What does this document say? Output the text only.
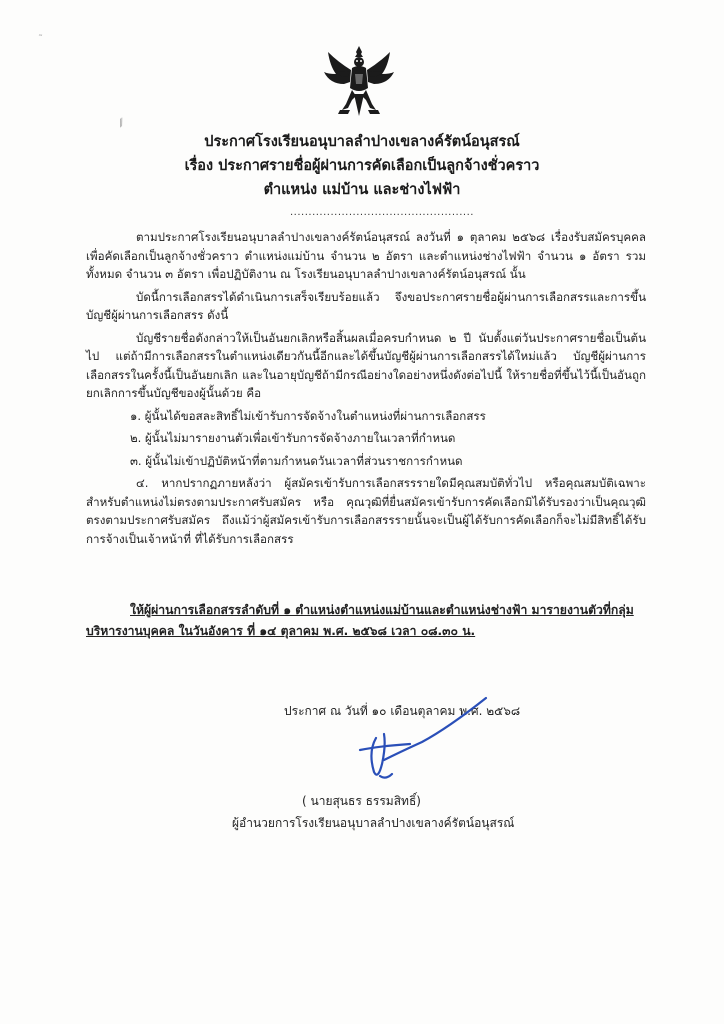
˜
⁄⁄
ประกาศโรงเรียนอนุบาลลำปางเขลางค์รัตน์อนุสรณ์
เรื่อง ประกาศรายชื่อผู้ผ่านการคัดเลือกเป็นลูกจ้างชั่วคราว
ตำแหน่ง แม่บ้าน และช่างไฟฟ้า
..................................................

ตามประกาศโรงเรียนอนุบาลลำปางเขลางค์รัตน์อนุสรณ์ ลงวันที่ ๑ ตุลาคม ๒๕๖๘ เรื่องรับสมัครบุคคลเพื่อคัดเลือกเป็นลูกจ้างชั่วคราว ตำแหน่งแม่บ้าน จำนวน ๒ อัตรา และตำแหน่งช่างไฟฟ้า จำนวน ๑ อัตรา รวมทั้งหมด จำนวน ๓ อัตรา เพื่อปฏิบัติงาน ณ โรงเรียนอนุบาลลำปางเขลางค์รัตน์อนุสรณ์ นั้น

บัดนี้การเลือกสรรได้ดำเนินการเสร็จเรียบร้อยแล้ว จึงขอประกาศรายชื่อผู้ผ่านการเลือกสรรและการขึ้นบัญชีผู้ผ่านการเลือกสรร ดังนี้

บัญชีรายชื่อดังกล่าวให้เป็นอันยกเลิกหรือสิ้นผลเมื่อครบกำหนด ๒ ปี นับตั้งแต่วันประกาศรายชื่อเป็นต้นไป แต่ถ้ามีการเลือกสรรในตำแหน่งเดียวกันนี้อีกและได้ขึ้นบัญชีผู้ผ่านการเลือกสรรได้ใหม่แล้ว บัญชีผู้ผ่านการเลือกสรรในครั้งนี้เป็นอันยกเลิก และในอายุบัญชีถ้ามีกรณีอย่างใดอย่างหนึ่งดังต่อไปนี้ ให้รายชื่อที่ขึ้นไว้นี้เป็นอันถูกยกเลิกการขึ้นบัญชีของผู้นั้นด้วย คือ

๑. ผู้นั้นได้ขอสละสิทธิ์ไม่เข้ารับการจัดจ้างในตำแหน่งที่ผ่านการเลือกสรร

๒. ผู้นั้นไม่มารายงานตัวเพื่อเข้ารับการจัดจ้างภายในเวลาที่กำหนด

๓. ผู้นั้นไม่เข้าปฏิบัติหน้าที่ตามกำหนดวันเวลาที่ส่วนราชการกำหนด

๔. หากปรากฏภายหลังว่า ผู้สมัครเข้ารับการเลือกสรรรายใดมีคุณสมบัติทั่วไป หรือคุณสมบัติเฉพาะสำหรับตำแหน่งไม่ตรงตามประกาศรับสมัคร หรือ คุณวุฒิที่ยื่นสมัครเข้ารับการคัดเลือกมิได้รับรองว่าเป็นคุณวุฒิตรงตามประกาศรับสมัคร ถึงแม้ว่าผู้สมัครเข้ารับการเลือกสรรรายนั้นจะเป็นผู้ได้รับการคัดเลือกก็จะไม่มีสิทธิ์ได้รับการจ้างเป็นเจ้าหน้าที่ ที่ได้รับการเลือกสรร

ให้ผู้ผ่านการเลือกสรรลำดับที่ ๑ ตำแหน่งตำแหน่งแม่บ้านและตำแหน่งช่างฟ้า มารายงานตัวที่กลุ่มบริหารงานบุคคล ในวันอังคาร ที่ ๑๔ ตุลาคม พ.ศ. ๒๕๖๘ เวลา ๐๘.๓๐ น.
ประกาศ ณ วันที่ ๑๐ เดือนตุลาคม พ.ศ. ๒๕๖๘
( นายสุนธร ธรรมสิทธิ์)
ผู้อำนวยการโรงเรียนอนุบาลลำปางเขลางค์รัตน์อนุสรณ์
